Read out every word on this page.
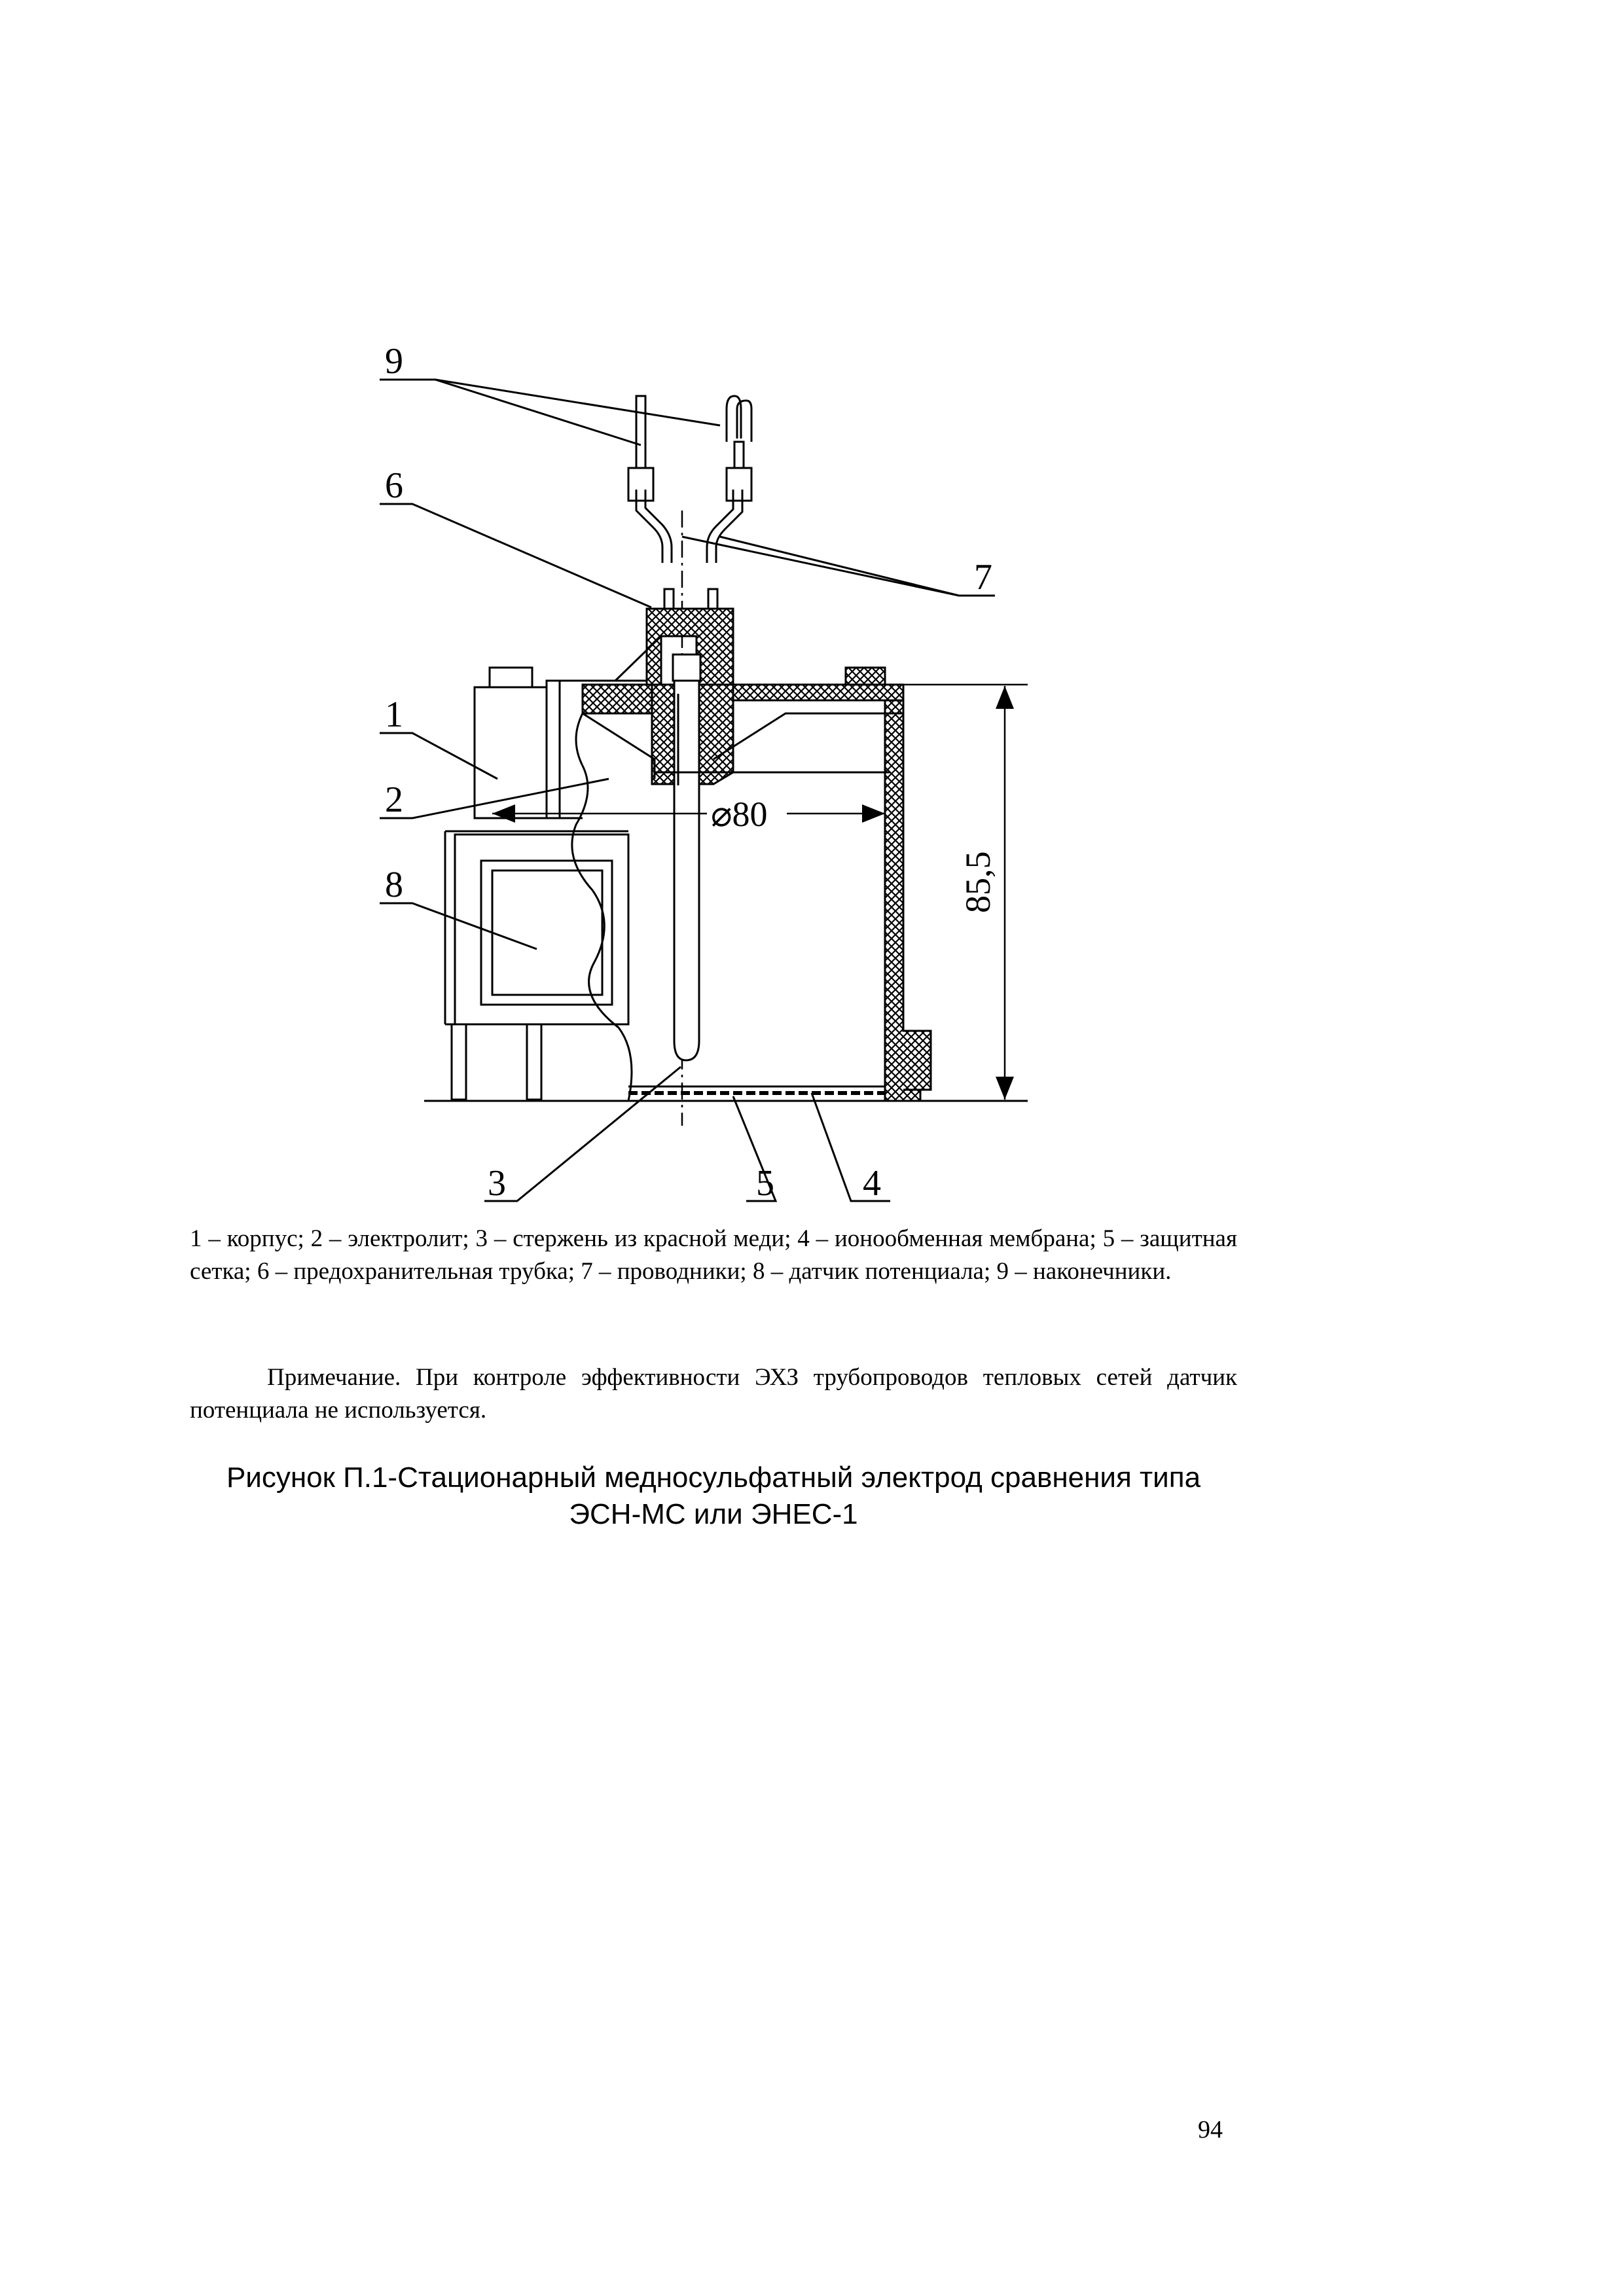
9
6
7
1
2
8
3	5 4
⌀80
85,5
1 – корпус; 2 – электролит; 3 – стержень из красной меди; 4 – ионообменная мембрана; 5 – защитная сетка; 6 – предохранительная трубка; 7 – проводники; 8 – датчик потенциала; 9 – наконечники.
Примечание. При контроле эффективности ЭХЗ трубопроводов тепловых сетей датчик потенциала не используется.
Рисунок П.1-Стационарный медносульфатный электрод сравнения типа
ЭСН-МС или ЭНЕС-1
94
